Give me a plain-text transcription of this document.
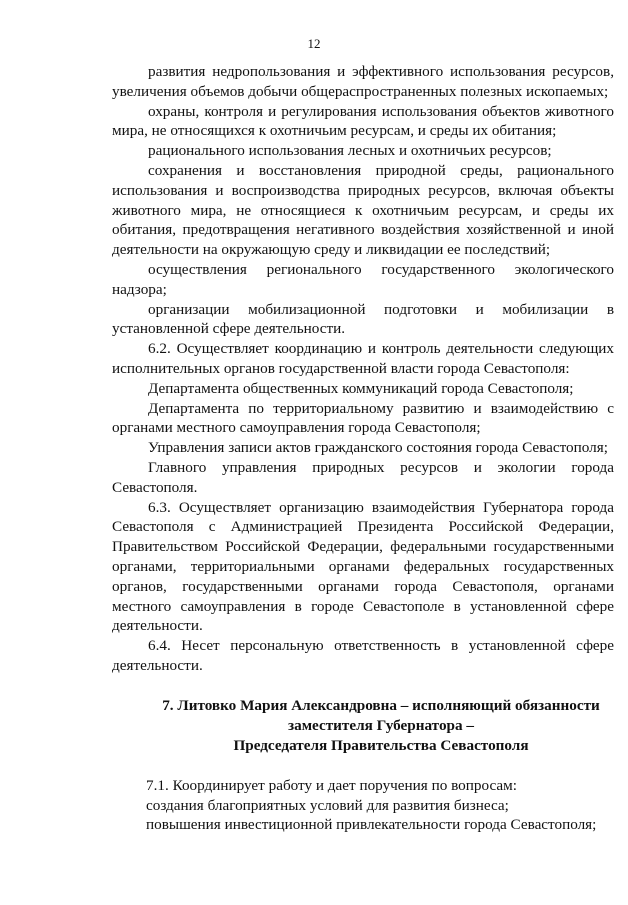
12

развития недропользования и эффективного использования ресурсов, увеличения объемов добычи общераспространенных полезных ископаемых;

охраны, контроля и регулирования использования объектов животного мира, не относящихся к охотничьим ресурсам, и среды их обитания;

рационального использования лесных и охотничьих ресурсов;

сохранения и восстановления природной среды, рационального использования и воспроизводства природных ресурсов, включая объекты животного мира, не относящиеся к охотничьим ресурсам, и среды их обитания, предотвращения негативного воздействия хозяйственной и иной деятельности на окружающую среду и ликвидации ее последствий;

осуществления регионального государственного экологического надзора;

организации мобилизационной подготовки и мобилизации в установленной сфере деятельности.

6.2. Осуществляет координацию и контроль деятельности следующих исполнительных органов государственной власти города Севастополя:

Департамента общественных коммуникаций города Севастополя;

Департамента по территориальному развитию и взаимодействию с органами местного самоуправления города Севастополя;

Управления записи актов гражданского состояния города Севастополя;

Главного управления природных ресурсов и экологии города Севастополя.

6.3. Осуществляет организацию взаимодействия Губернатора города Севастополя с Администрацией Президента Российской Федерации, Правительством Российской Федерации, федеральными государственными органами, территориальными органами федеральных государственных органов, государственными органами города Севастополя, органами местного самоуправления в городе Севастополе в установленной сфере деятельности.

6.4. Несет персональную ответственность в установленной сфере деятельности.

7. Литовко Мария Александровна – исполняющий обязанности
заместителя Губернатора –
Председателя Правительства Севастополя

7.1. Координирует работу и дает поручения по вопросам:

создания благоприятных условий для развития бизнеса;

повышения инвестиционной привлекательности города Севастополя;
